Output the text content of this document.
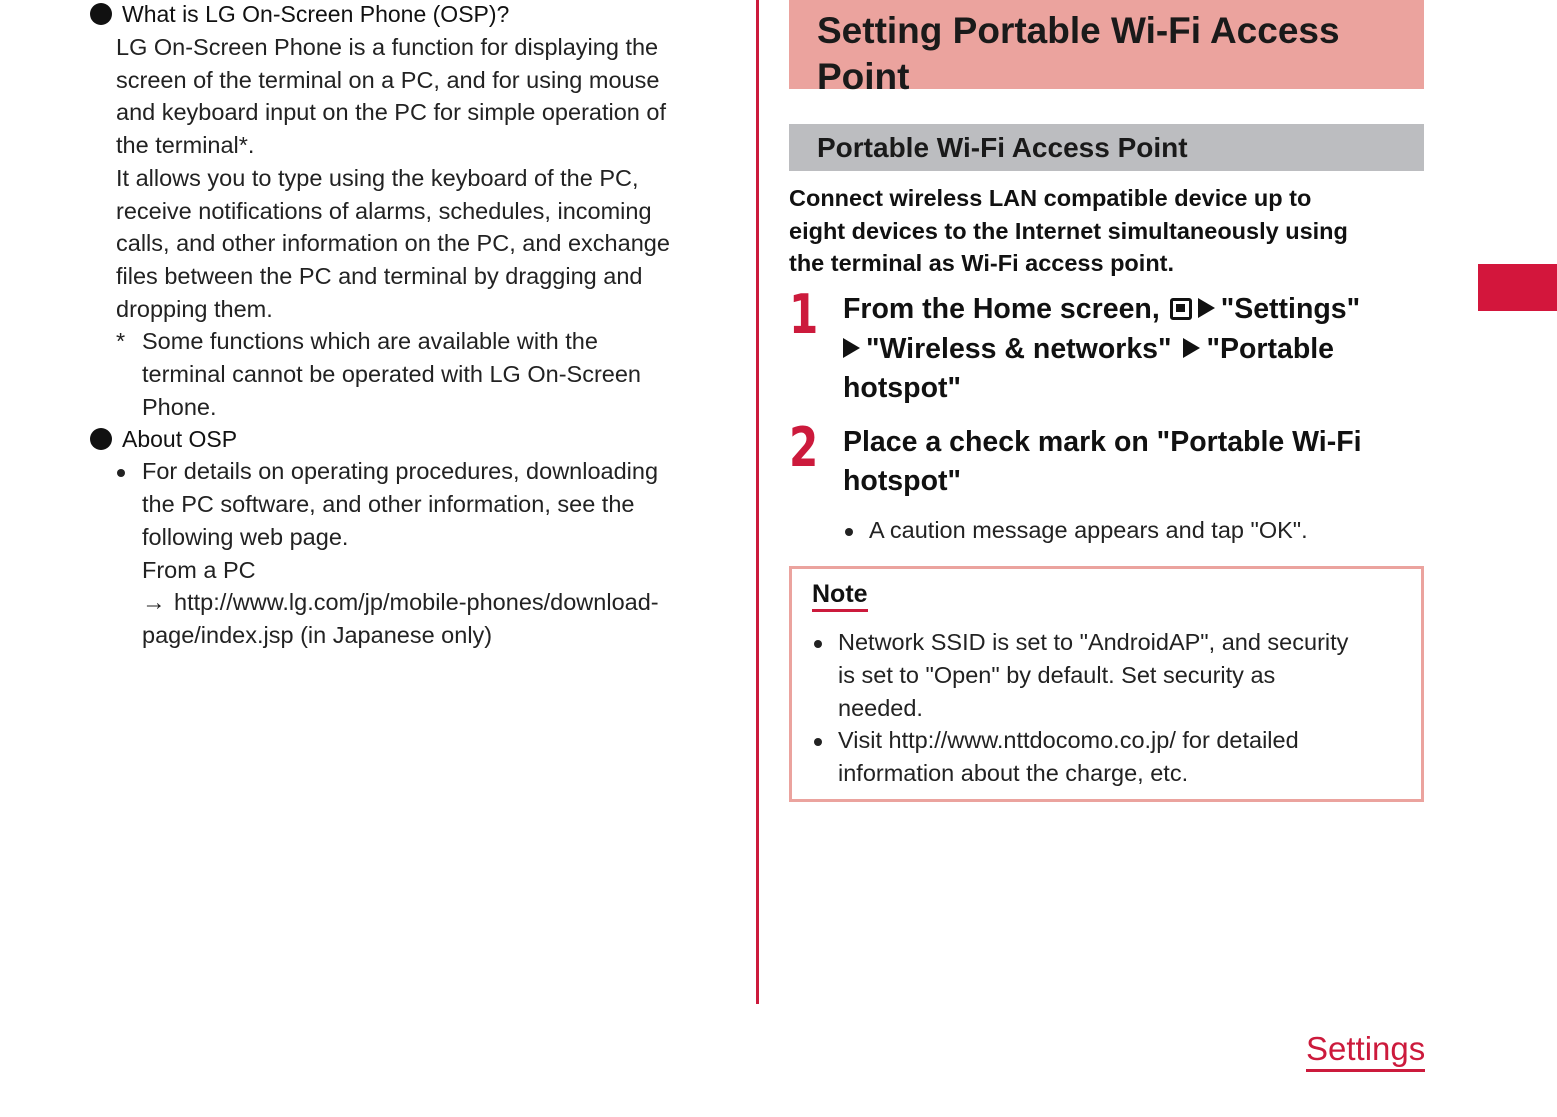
What is LG On-Screen Phone (OSP)?

LG On-Screen Phone is a function for displaying the

screen of the terminal on a PC, and for using mouse

and keyboard input on the PC for simple operation of

the terminal*.

It allows you to type using the keyboard of the PC,

receive notifications of alarms, schedules, incoming

calls, and other information on the PC, and exchange

files between the PC and terminal by dragging and

dropping them.

* Some functions which are available with the
terminal cannot be operated with LG On-Screen
Phone.
About OSP
For details on operating procedures, downloading
the PC software, and other information, see the
following web page.
From a PC
→ http://www.lg.com/jp/mobile-phones/download-
page/index.jsp (in Japanese only)
Setting Portable Wi-Fi Access
Point
Portable Wi-Fi Access Point
Connect wireless LAN compatible device up to
eight devices to the Internet simultaneously using
the terminal as Wi-Fi access point.
1 From the Home screen, "Settings"
"Wireless & networks" "Portable
hotspot"
2 Place a check mark on "Portable Wi-Fi
hotspot"
A caution message appears and tap "OK".
Note
Network SSID is set to "AndroidAP", and security
is set to "Open" by default. Set security as
needed.
Visit http://www.nttdocomo.co.jp/ for detailed
information about the charge, etc.
Settings
